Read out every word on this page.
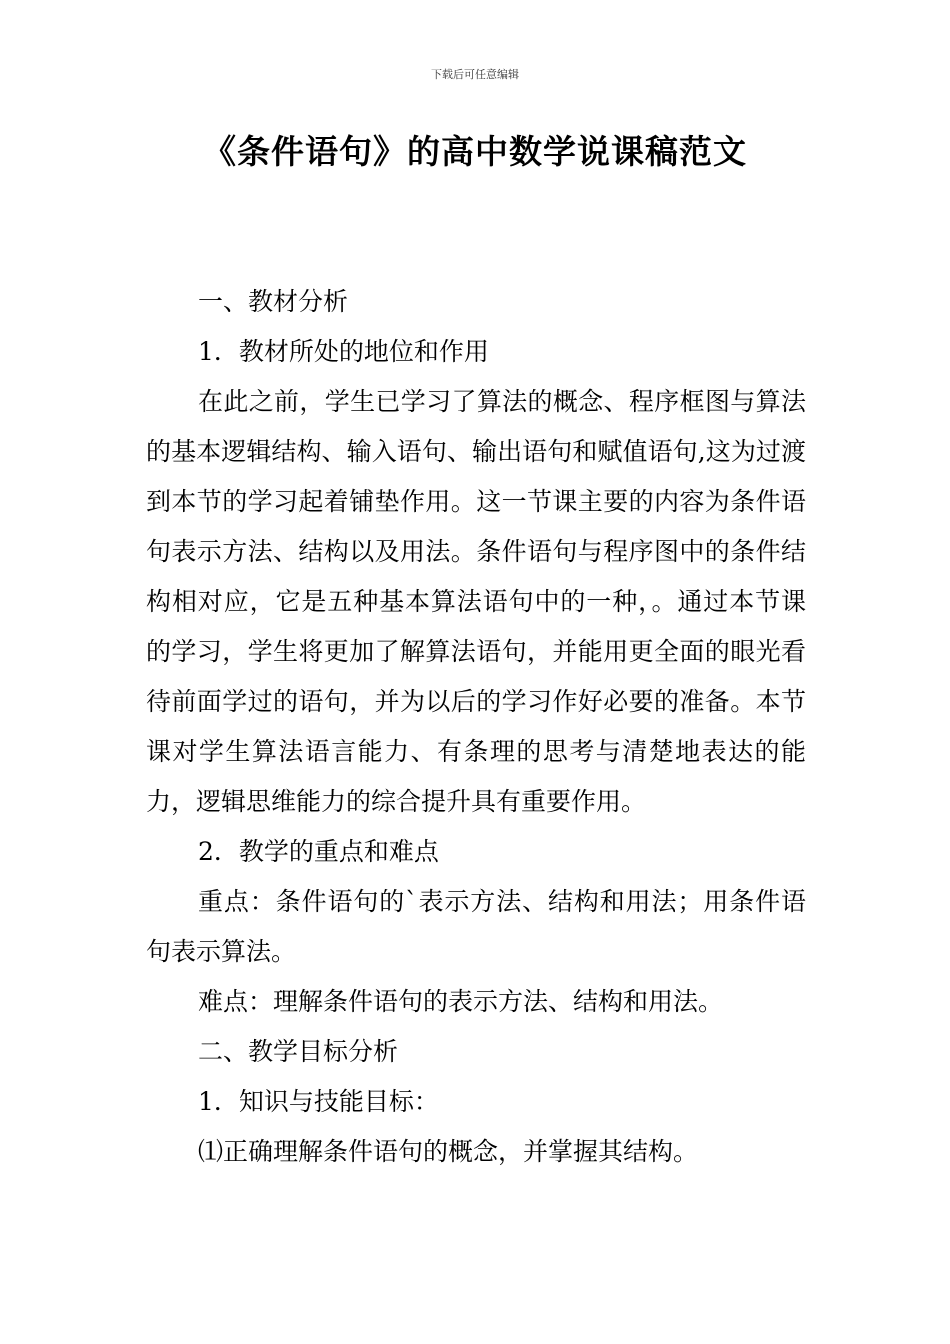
下载后可任意编辑
《条件语句》的高中数学说课稿范文

一、教材分析

1．教材所处的地位和作用

在此之前，学生已学习了算法的概念、程序框图与算法的基本逻辑结构、输入语句、输出语句和赋值语句,这为过渡到本节的学习起着铺垫作用。这一节课主要的内容为条件语句表示方法、结构以及用法。条件语句与程序图中的条件结构相对应，它是五种基本算法语句中的一种，。通过本节课的学习，学生将更加了解算法语句，并能用更全面的眼光看待前面学过的语句，并为以后的学习作好必要的准备。本节课对学生算法语言能力、有条理的思考与清楚地表达的能力，逻辑思维能力的综合提升具有重要作用。

2．教学的重点和难点

重点：条件语句的`表示方法、结构和用法；用条件语句表示算法。

难点：理解条件语句的表示方法、结构和用法。

二、教学目标分析

1．知识与技能目标：

⑴正确理解条件语句的概念，并掌握其结构。
